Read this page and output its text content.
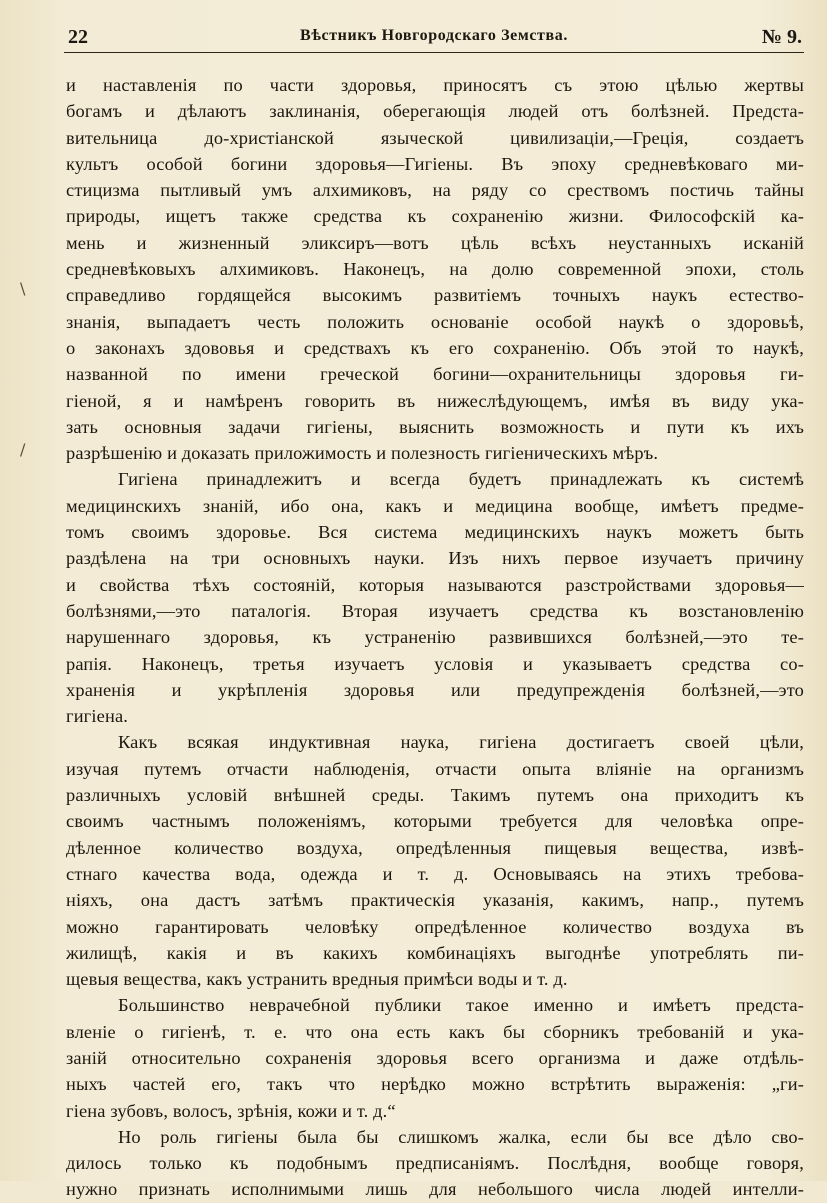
22	Вѣстникъ Новгородскаго Земства.	№ 9.
\
/
и наставленія по части здоровья, приносятъ съ этою цѣлью жертвы
богамъ и дѣлаютъ заклинанія, оберегающія людей отъ болѣзней. Предста-
вительница до-христіанской языческой цивилизаціи,—Греція, создаетъ
культъ особой богини здоровья—Гигіены. Въ эпоху средневѣковаго ми-
стицизма пытливый умъ алхимиковъ, на ряду со срествомъ постичь тайны
природы, ищетъ также средства къ сохраненію жизни. Философскій ка-
мень и жизненный эликсиръ—вотъ цѣль всѣхъ неустанныхъ исканій
средневѣковыхъ алхимиковъ. Наконецъ, на долю современной эпохи, столь
справедливо гордящейся высокимъ развитіемъ точныхъ наукъ естество-
знанія, выпадаетъ честь положить основаніе особой наукѣ о здоровьѣ,
о законахъ здововья и средствахъ къ его сохраненію. Объ этой то наукѣ,
названной по имени греческой богини—охранительницы здоровья ги-
гіеной, я и намѣренъ говорить въ нижеслѣдующемъ, имѣя въ виду ука-
зать основныя задачи гигіены, выяснить возможность и пути къ ихъ
разрѣшенію и доказать приложимость и полезность гигіеническихъ мѣръ.
Гигіена принадлежитъ и всегда будетъ принадлежать къ системѣ
медицинскихъ знаній, ибо она, какъ и медицина вообще, имѣетъ предме-
томъ своимъ здоровье. Вся система медицинскихъ наукъ можетъ быть
раздѣлена на три основныхъ науки. Изъ нихъ первое изучаетъ причину
и свойства тѣхъ состояній, которыя называются разстройствами здоровья—
болѣзнями,—это паталогія. Вторая изучаетъ средства къ возстановленію
нарушеннаго здоровья, къ устраненію развившихся болѣзней,—это те-
рапія. Наконецъ, третья изучаетъ условія и указываетъ средства со-
храненія и укрѣпленія здоровья или предупрежденія болѣзней,—это
гигіена.
Какъ всякая индуктивная наука, гигіена достигаетъ своей цѣли,
изучая путемъ отчасти наблюденія, отчасти опыта вліяніе на организмъ
различныхъ условій внѣшней среды. Такимъ путемъ она приходитъ къ
своимъ частнымъ положеніямъ, которыми требуется для человѣка опре-
дѣленное количество воздуха, опредѣленныя пищевыя вещества, извѣ-
стнаго качества вода, одежда и т. д. Основываясь на этихъ требова-
ніяхъ, она дастъ затѣмъ практическія указанія, какимъ, напр., путемъ
можно гарантировать человѣку опредѣленное количество воздуха въ
жилищѣ, какія и въ какихъ комбинаціяхъ выгоднѣе употреблять пи-
щевыя вещества, какъ устранить вредныя примѣси воды и т. д.
Большинство неврачебной публики такое именно и имѣетъ предста-
вленіе о гигіенѣ, т. е. что она есть какъ бы сборникъ требованій и ука-
заній относительно сохраненія здоровья всего организма и даже отдѣль-
ныхъ частей его, такъ что нерѣдко можно встрѣтить выраженія: „ги-
гіена зубовъ, волосъ, зрѣнія, кожи и т. д.“
Но роль гигіены была бы слишкомъ жалка, если бы все дѣло сво-
дилось только къ подобнымъ предписаніямъ. Послѣдня, вообще говоря,
нужно признать исполнимыми лишь для небольшого числа людей интелли-
